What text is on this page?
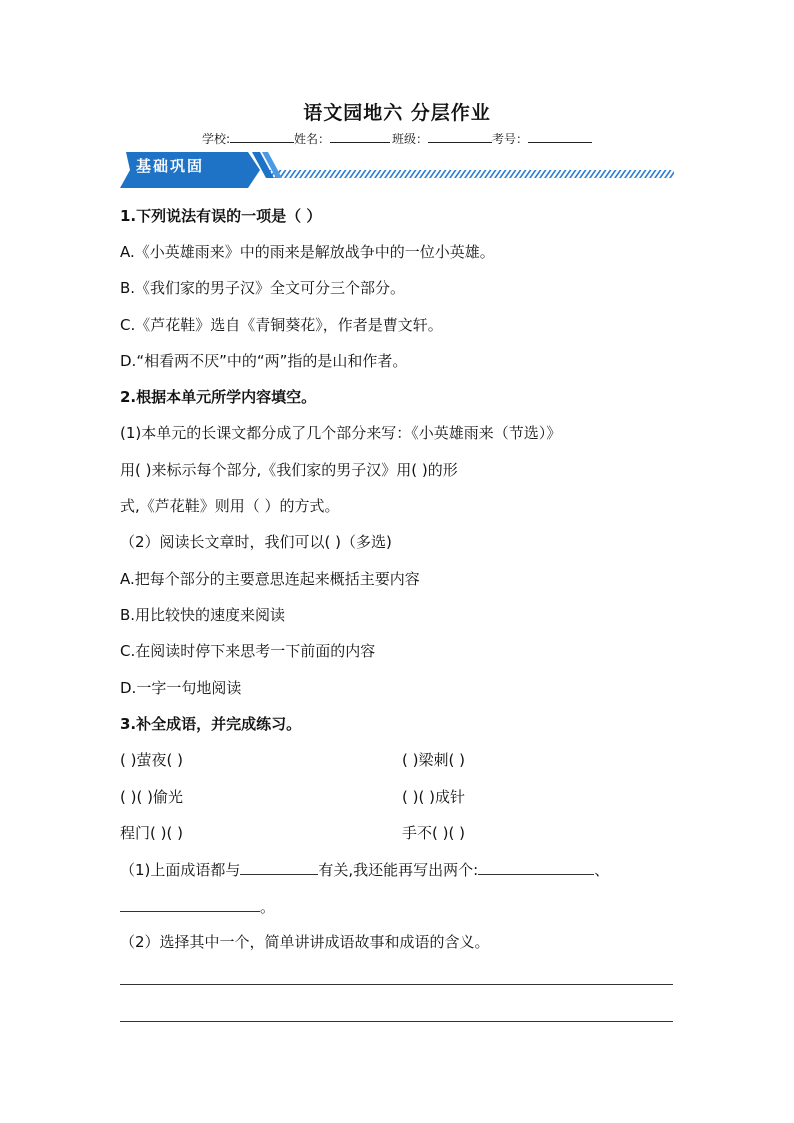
语文园地六 分层作业
学校:	姓名：	班级：	考号：
基础巩固
1.下列说法有误的一项是（ ）
A.《小英雄雨来》中的雨来是解放战争中的一位小英雄。
B.《我们家的男子汉》全文可分三个部分。
C.《芦花鞋》选自《青铜葵花》，作者是曹文轩。
D.“相看两不厌”中的“两”指的是山和作者。
2.根据本单元所学内容填空。
(1)本单元的长课文都分成了几个部分来写：《小英雄雨来（节选）》
用( )来标示每个部分,《我们家的男子汉》用( )的形
式,《芦花鞋》则用（ ）的方式。
（2）阅读长文章时，我们可以( )（多选)
A.把每个部分的主要意思连起来概括主要内容
B.用比较快的速度来阅读
C.在阅读时停下来思考一下前面的内容
D.一字一句地阅读
3.补全成语，并完成练习。
( )萤夜( )	( )梁刺( )
( )( )偷光	( )( )成针
程门( )( )	手不( )( )
（1)上面成语都与	有关,我还能再写出两个:	、
。
（2）选择其中一个，简单讲讲成语故事和成语的含义。
